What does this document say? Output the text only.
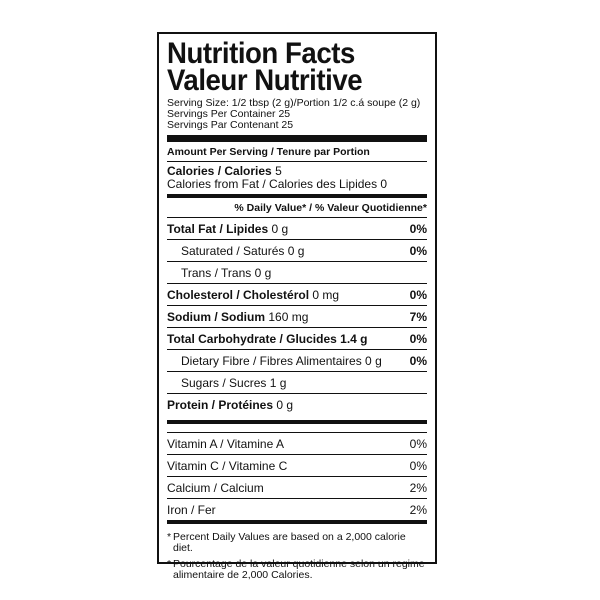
Nutrition Facts
Valeur Nutritive
Serving Size: 1/2 tbsp (2 g)/Portion 1/2 c.á soupe (2 g)
Servings Per Container 25
Servings Par Contenant 25
Amount Per Serving / Tenure par Portion
Calories / Calories 5
Calories from Fat / Calories des Lipides 0
% Daily Value* / % Valeur Quotidienne*
Total Fat / Lipides 0 g	0%
Saturated / Saturés 0 g	0%
Trans / Trans 0 g
Cholesterol / Cholestérol 0 mg	0%
Sodium / Sodium 160 mg	7%
Total Carbohydrate / Glucides 1.4 g	0%
Dietary Fibre / Fibres Alimentaires 0 g 0%
Sugars / Sucres 1 g
Protein / Protéines 0 g
Vitamin A / Vitamine A	0%
Vitamin C / Vitamine C	0%
Calcium / Calcium	2%
Iron / Fer	2%
* Percent Daily Values are based on a 2,000 calorie diet.
* Pourcentage de la valeur quotidienne selon un regime alimentaire de 2,000 Calories.
